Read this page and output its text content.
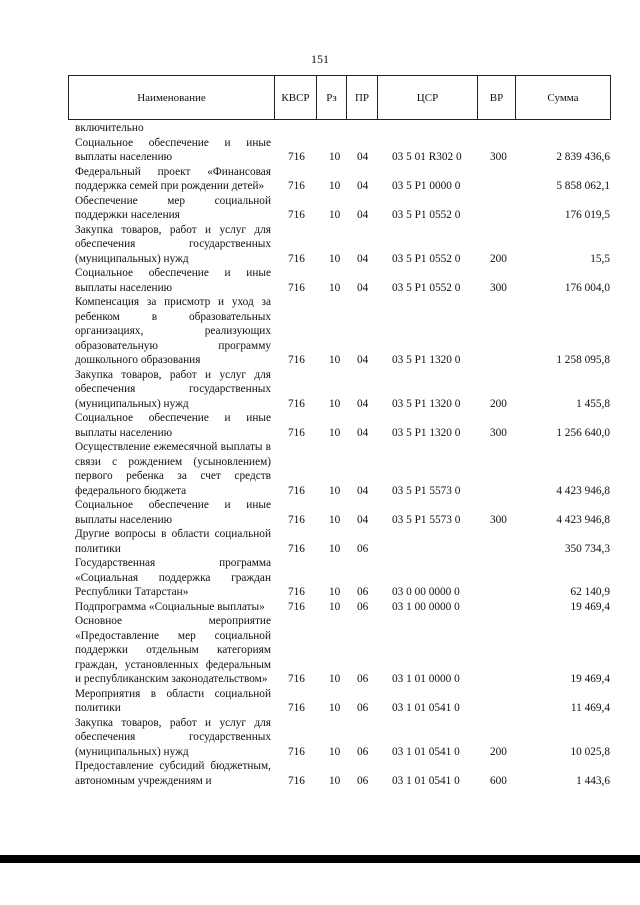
151
Наименование	КВСР	Рз	ПР	ЦСР	ВР	Сумма
включительно
Социальное обеспечение и иные выплаты населению	716 10 04 03 5 01 R302 0	300	2 839 436,6
Федеральный проект «Финансовая поддержка семей при рождении детей»	716 10 04 03 5 P1 0000 0	5 858 062,1
Обеспечение мер социальной поддержки населения	716 10 04 03 5 P1 0552 0	176 019,5
Закупка товаров, работ и услуг для обеспечения государственных (муниципальных) нужд	716 10 04 03 5 P1 0552 0	200	15,5
Социальное обеспечение и иные выплаты населению	716 10 04 03 5 P1 0552 0	300	176 004,0
Компенсация за присмотр и уход за ребенком в образовательных организациях, реализующих образовательную программу дошкольного образования	716 10 04 03 5 P1 1320 0	1 258 095,8
Закупка товаров, работ и услуг для обеспечения государственных (муниципальных) нужд	716 10 04 03 5 P1 1320 0	200	1 455,8
Социальное обеспечение и иные выплаты населению	716 10 04 03 5 P1 1320 0	300	1 256 640,0
Осуществление ежемесячной выплаты в связи с рождением (усыновлением) первого ребенка за счет средств федерального бюджета	716 10 04 03 5 P1 5573 0	4 423 946,8
Социальное обеспечение и иные выплаты населению	716 10 04 03 5 P1 5573 0	300	4 423 946,8
Другие вопросы в области социальной политики	716 10 06	350 734,3
Государственная программа «Социальная поддержка граждан Республики Татарстан»	716 10 06 03 0 00 0000 0	62 140,9
Подпрограмма «Социальные выплаты»	716 10 06 03 1 00 0000 0	19 469,4
Основное мероприятие «Предоставление мер социальной поддержки отдельным категориям граждан, установленных федеральным и республиканским законодательством»	716 10 06 03 1 01 0000 0	19 469,4
Мероприятия в области социальной политики	716 10 06 03 1 01 0541 0	11 469,4
Закупка товаров, работ и услуг для обеспечения государственных (муниципальных) нужд	716 10 06 03 1 01 0541 0	200	10 025,8
Предоставление субсидий бюджетным, автономным учреждениям и	716 10 06 03 1 01 0541 0	600	1 443,6
